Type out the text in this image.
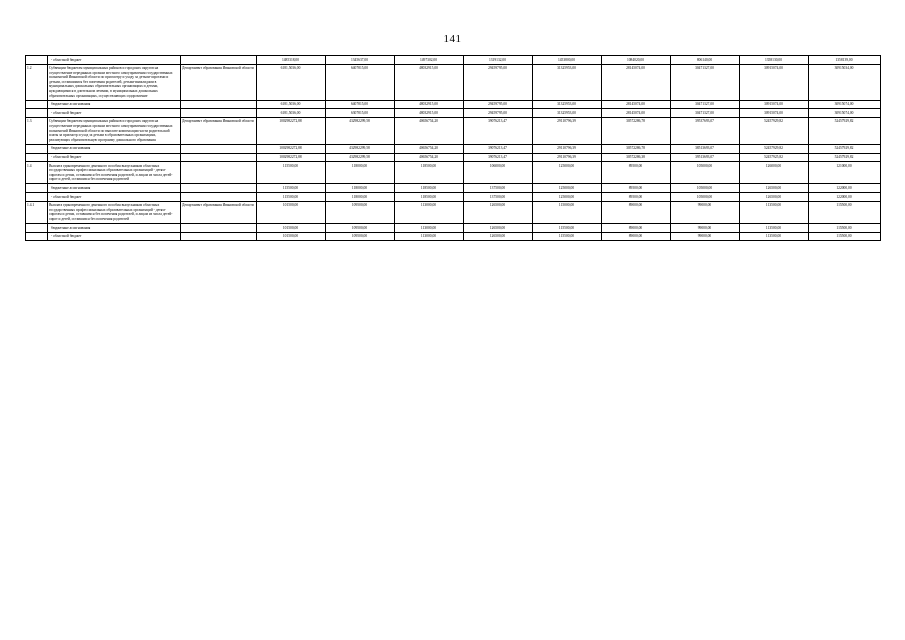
141

	- областной бюджет		1485318,00	1345637,00	1497302,00	1319132,00	1453800,00	1084020,00	806140,00	1358130,00	1358139,00
1.2	Субвенции бюджетам муниципальных районов и городских округов на осуществление переданных органам местного самоуправления государственных полномочий Ивановской области по присмотру и уходу за детьми-сиротами и детьми, оставшимися без попечения родителей, детьми-инвалидами в муниципальных дошкольных образовательных организациях и детьми, нуждающимися в длительном лечении, в муниципальных дошкольных образовательных организациях, осуществляющих оздоровление	Департамент образования Ивановской области	6181,5036,00	6407815,00	48032915,00	29459795,00	31325953,00	28145074,00	30471327,00	30915074,00	30915034,00

	бюджетные ассигнования		6181,5036,00	6407815,00	48032915,00	29459795,00	31325953,00	28145074,00	30471327,00	30915074,00	30915074,00

	- областной бюджет		6181,5036,00	6307815,00	48032915,00	29459795,00	31325953,00	28145074,00	30471327,00	30915074,00	30915074,00
1.3	Субвенции бюджетам муниципальных районов и городских округов на осуществление переданных органам местного самоуправления государственных полномочий Ивановской области по выплате компенсации части родительской платы за присмотр и уход за детьми в образовательных организациях, реализующих образовательную программу дошкольного образования	Департамент образования Ивановской области	1002982272,88	432982299,58	40656754,20	39076213,47	29110796,39	30572286,78	39537693,07	52457929,82	52457929,82

	бюджетные ассигнования		1002982272,88	432982299,58	40656754,20	39076213,47	29110796,39	30572286,78	38513693,07	52457929,82	52457929,82

	- областной бюджет		1002982272,88	432982299,58	40656754,20	39076213,47	29110796,39	30572286,38	39513693,07	52457925,82	52457929,82
1.4	Выплата единовременного денежного пособия выпускникам областных государственных профессиональных образовательных организаций - детям-сиротам и детям, оставшимся без попечения родителей, и лицам из числа детей-сирот и детей, оставшихся без попечения родителей		115500,00	118000,00	118500,00	106000,00	125000,00	89500,00	105000,00	126000,00	121000,00

	бюджетные ассигнования		115500,00	118000,00	118500,00	137500,00	125000,00	89500,00	105000,00	126500,00	122000,00

	- областной бюджет		115500,00	118000,00	118500,00	137500,00	125000,00	89500,00	105000,00	126500,00	122000,00
1.4.1	Выплата единовременного денежного пособия выпускникам областных государственных профессиональных образовательных организаций - детям-сиротам и детям, оставшимся без попечения родителей, и лицам из числа детей-сирот и детей, оставшихся без попечения родителей	Департамент образования Ивановской области	101500,00	109500,00	113000,00	126500,00	115000,00	89000,00	99000,00	113500,00	115500,00

	бюджетные ассигнования		101500,00	109500,00	113000,00	126500,00	115500,00	89000,00	99000,00	113500,00	115500,00

	- областной бюджет		101500,00	109500,00	113000,00	126500,00	115500,00	89000,00	99000,00	113500,00	115500,00
